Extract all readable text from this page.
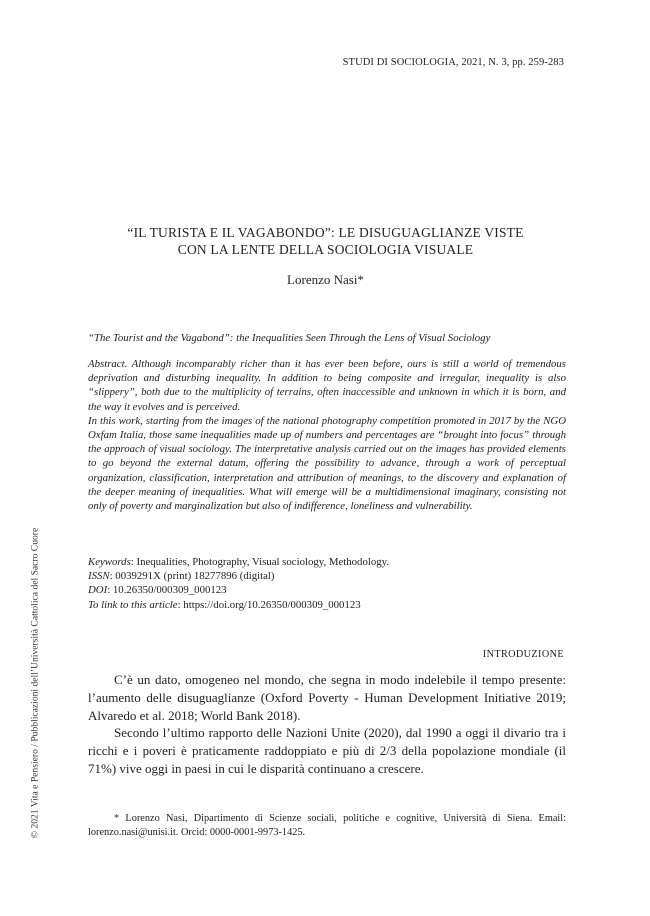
STUDI DI SOCIOLOGIA, 2021, N. 3, pp. 259-283
“IL TURISTA E IL VAGABONDO”: LE DISUGUAGLIANZE VISTE
CON LA LENTE DELLA SOCIOLOGIA VISUALE
Lorenzo Nasi*
“The Tourist and the Vagabond”: the Inequalities Seen Through the Lens of Visual Sociology

Abstract. Although incomparably richer than it has ever been before, ours is still a world of tremendous deprivation and disturbing inequality. In addition to being composite and irregular, inequality is also “slippery”, both due to the multiplicity of terrains, often inaccessible and unknown in which it is born, and the way it evolves and is perceived.

In this work, starting from the images of the national photography competition promoted in 2017 by the NGO Oxfam Italia, those same inequalities made up of numbers and percentages are “brought into focus” through the approach of visual sociology. The interpretative analysis carried out on the images has provided elements to go beyond the external datum, offering the possibility to advance, through a work of perceptual organization, classification, interpretation and attribution of meanings, to the discovery and explanation of the deeper meaning of inequalities. What will emerge will be a multidimensional imaginary, consisting not only of poverty and marginalization but also of indifference, loneliness and vulnerability.

Keywords: Inequalities, Photography, Visual sociology, Methodology.
ISSN: 0039291X (print) 18277896 (digital)
DOI: 10.26350/000309_000123
To link to this article: https://doi.org/10.26350/000309_000123
INTRODUZIONE

C’è un dato, omogeneo nel mondo, che segna in modo indelebile il tempo presente: l’aumento delle disuguaglianze (Oxford Poverty - Human Development Initiative 2019; Alvaredo et al. 2018; World Bank 2018).

Secondo l’ultimo rapporto delle Nazioni Unite (2020), dal 1990 a oggi il divario tra i ricchi e i poveri è praticamente raddoppiato e più di 2/3 della popolazione mondiale (il 71%) vive oggi in paesi in cui le disparità continuano a crescere.

* Lorenzo Nasi, Dipartimento di Scienze sociali, politiche e cognitive, Università di Siena. Email: lorenzo.nasi@unisi.it. Orcid: 0000-0001-9973-1425.
© 2021 Vita e Pensiero / Pubblicazioni dell’Università Cattolica del Sacro Cuore
